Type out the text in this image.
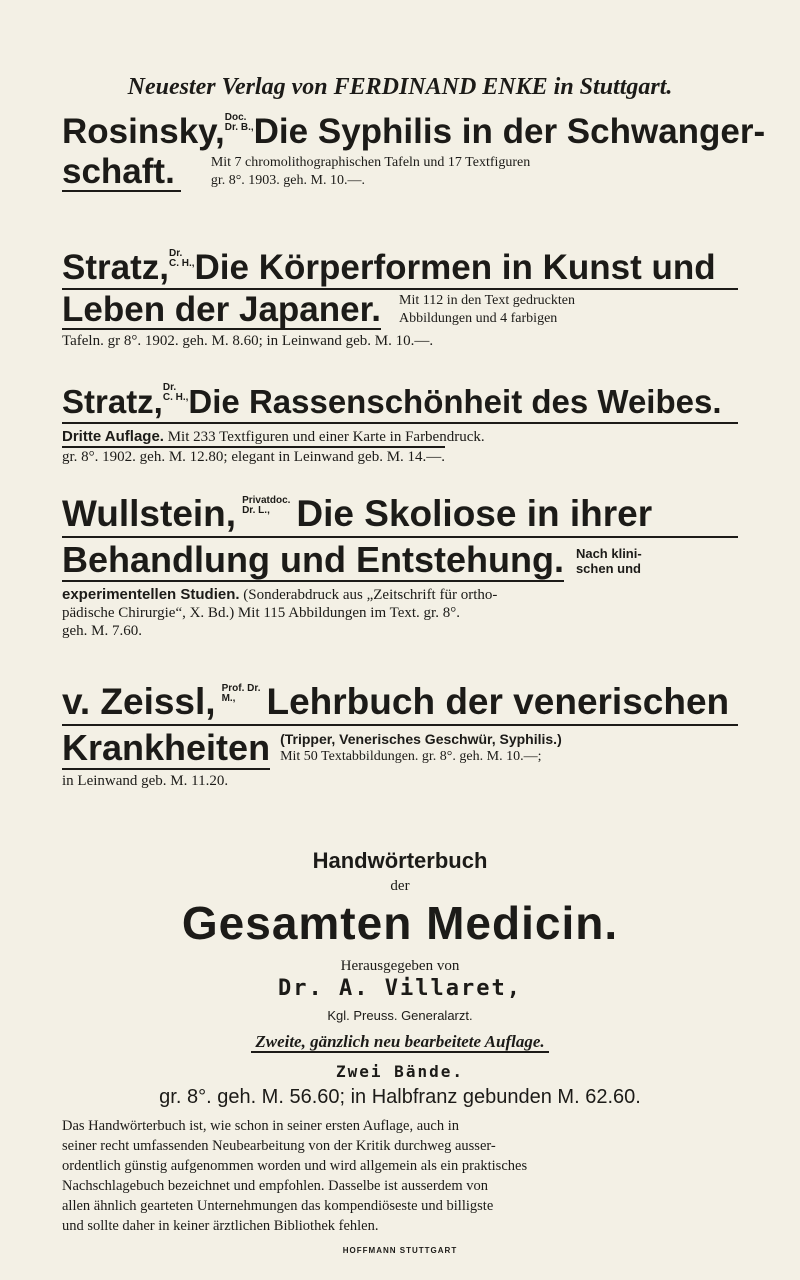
Neuester Verlag von FERDINAND ENKE in Stuttgart.
Rosinsky,Doc.
Dr. B.,Die Syphilis in der Schwanger-
schaft.	Mit 7 chromolithographischen Tafeln und 17 Textfiguren
gr. 8°. 1903. geh. M. 10.—.
Stratz,Dr.
C. H.,Die Körperformen in Kunst und
Leben der Japaner. Mit 112 in den Text gedruckten
Abbildungen und 4 farbigen
Tafeln. gr 8°. 1902. geh. M. 8.60; in Leinwand geb. M. 10.—.
Stratz,Dr.
C. H.,Die Rassenschönheit des Weibes.
Dritte Auflage. Mit 233 Textfiguren und einer Karte in Farbendruck.
gr. 8°. 1902. geh. M. 12.80; elegant in Leinwand geb. M. 14.—.
Wullstein, Privatdoc.
Dr. L., Die Skoliose in ihrer
Behandlung und Entstehung. Nach klini-
schen und
experimentellen Studien. (Sonderabdruck aus „Zeitschrift für ortho-
pädische Chirurgie“, X. Bd.) Mit 115 Abbildungen im Text. gr. 8°.
geh. M. 7.60.
v. Zeissl, Prof. Dr.
M., Lehrbuch der venerischen
Krankheiten (Tripper, Venerisches Geschwür, Syphilis.)
Mit 50 Textabbildungen. gr. 8°. geh. M. 10.—;
in Leinwand geb. M. 11.20.
Handwörterbuch
der
Gesamten Medicin.
Herausgegeben von
Dr. A. Villaret,
Kgl. Preuss. Generalarzt.
Zweite, gänzlich neu bearbeitete Auflage.
Zwei Bände.
gr. 8°. geh. M. 56.60; in Halbfranz gebunden M. 62.60.
Das Handwörterbuch ist, wie schon in seiner ersten Auflage, auch in
seiner recht umfassenden Neubearbeitung von der Kritik durchweg ausser-
ordentlich günstig aufgenommen worden und wird allgemein als ein praktisches
Nachschlagebuch bezeichnet und empfohlen. Dasselbe ist ausserdem von
allen ähnlich gearteten Unternehmungen das kompendiöseste und billigste
und sollte daher in keiner ärztlichen Bibliothek fehlen.
HOFFMANN STUTTGART
